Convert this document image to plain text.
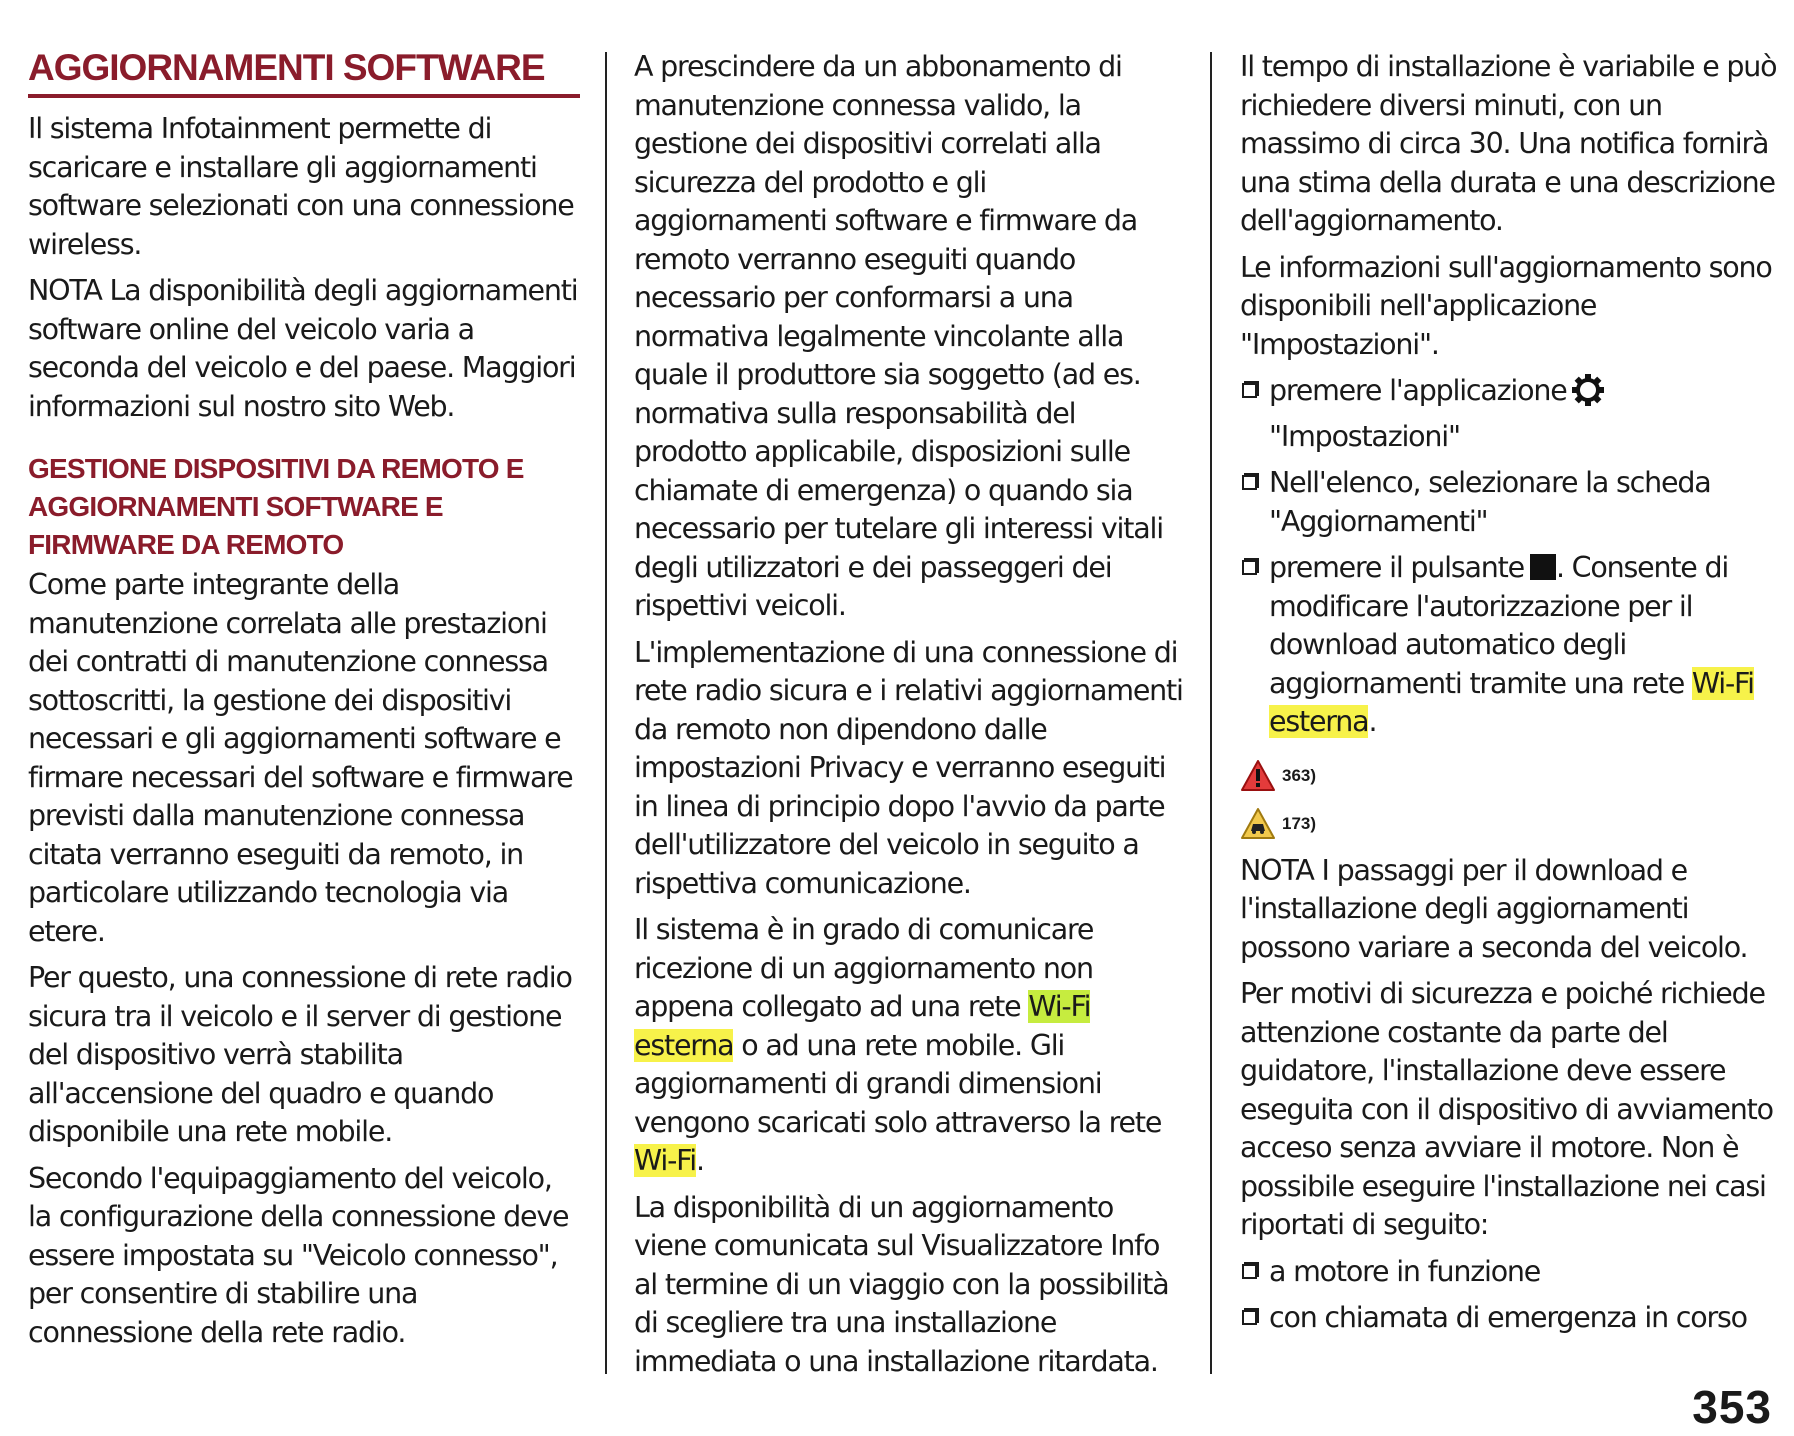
AGGIORNAMENTI SOFTWARE

Il sistema Infotainment permette di scaricare e installare gli aggiornamenti software selezionati con una connessione wireless.

NOTA La disponibilità degli aggiornamenti software online del veicolo varia a seconda del veicolo e del paese. Maggiori informazioni sul nostro sito Web.

GESTIONE DISPOSITIVI DA REMOTO E AGGIORNAMENTI SOFTWARE E FIRMWARE DA REMOTO

Come parte integrante della manutenzione correlata alle prestazioni dei contratti di manutenzione connessa sottoscritti, la gestione dei dispositivi necessari e gli aggiornamenti software e firmare necessari del software e firmware previsti dalla manutenzione connessa citata verranno eseguiti da remoto, in particolare utilizzando tecnologia via etere.

Per questo, una connessione di rete radio sicura tra il veicolo e il server di gestione del dispositivo verrà stabilita all'accensione del quadro e quando disponibile una rete mobile.

Secondo l'equipaggiamento del veicolo, la configurazione della connessione deve essere impostata su "Veicolo connesso", per consentire di stabilire una connessione della rete radio.

A prescindere da un abbonamento di manutenzione connessa valido, la gestione dei dispositivi correlati alla sicurezza del prodotto e gli aggiornamenti software e firmware da remoto verranno eseguiti quando necessario per conformarsi a una normativa legalmente vincolante alla quale il produttore sia soggetto (ad es. normativa sulla responsabilità del prodotto applicabile, disposizioni sulle chiamate di emergenza) o quando sia necessario per tutelare gli interessi vitali degli utilizzatori e dei passeggeri dei rispettivi veicoli.

L'implementazione di una connessione di rete radio sicura e i relativi aggiornamenti da remoto non dipendono dalle impostazioni Privacy e verranno eseguiti in linea di principio dopo l'avvio da parte dell'utilizzatore del veicolo in seguito a rispettiva comunicazione.

Il sistema è in grado di comunicare ricezione di un aggiornamento non appena collegato ad una rete Wi-Fi esterna o ad una rete mobile. Gli aggiornamenti di grandi dimensioni vengono scaricati solo attraverso la rete Wi-Fi.

La disponibilità di un aggiornamento viene comunicata sul Visualizzatore Info al termine di un viaggio con la possibilità di scegliere tra una installazione immediata o una installazione ritardata.

Il tempo di installazione è variabile e può richiedere diversi minuti, con un massimo di circa 30. Una notifica fornirà una stima della durata e una descrizione dell'aggiornamento.

Le informazioni sull'aggiornamento sono disponibili nell'applicazione "Impostazioni".

premere l'applicazione
"Impostazioni"

Nell'elenco, selezionare la scheda "Aggiornamenti"

premere il pulsante . Consente di modificare l'autorizzazione per il download automatico degli aggiornamenti tramite una rete Wi-Fi esterna.

363)
173)

NOTA I passaggi per il download e l'installazione degli aggiornamenti possono variare a seconda del veicolo.

Per motivi di sicurezza e poiché richiede attenzione costante da parte del guidatore, l'installazione deve essere eseguita con il dispositivo di avviamento acceso senza avviare il motore. Non è possibile eseguire l'installazione nei casi riportati di seguito:

a motore in funzione

con chiamata di emergenza in corso

353
